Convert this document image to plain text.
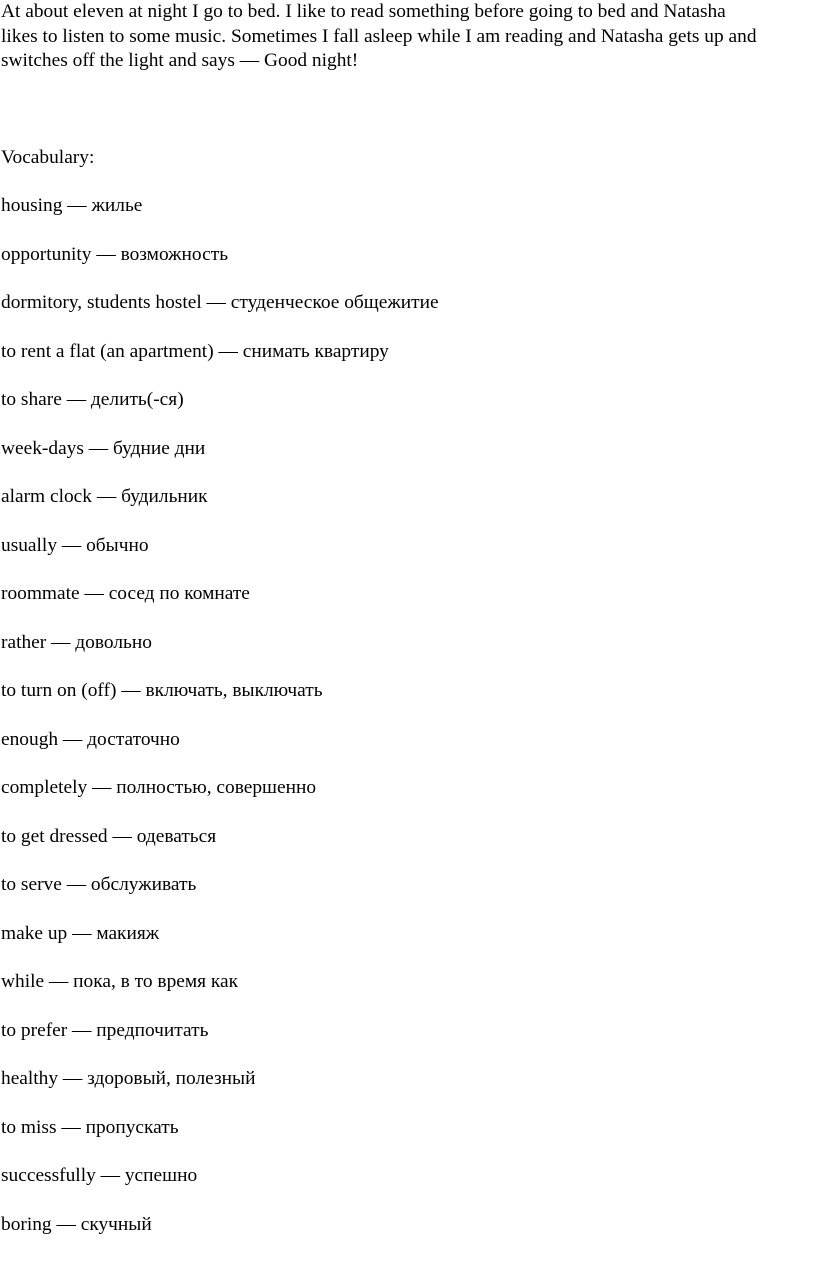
At about eleven at night I go to bed. I like to read something before going to bed and Natasha
likes to listen to some music. Sometimes I fall asleep while I am reading and Natasha gets up and
switches off the light and says — Good night!

Vocabulary:

housing — жилье
opportunity — возможность
dormitory, students hostel — студенческое общежитие
to rent a flat (an apartment) — снимать квартиру
to share — делить(-ся)
week-days — будние дни
alarm clock — будильник
usually — обычно
roommate — сосед по комнате
rather — довольно
to turn on (off) — включать, выключать
enough — достаточно
completely — полностью, совершенно
to get dressed — одеваться
to serve — обслуживать
make up — макияж
while — пока, в то время как
to prefer — предпочитать
healthy — здоровый, полезный
to miss — пропускать
successfully — успешно
boring — скучный
